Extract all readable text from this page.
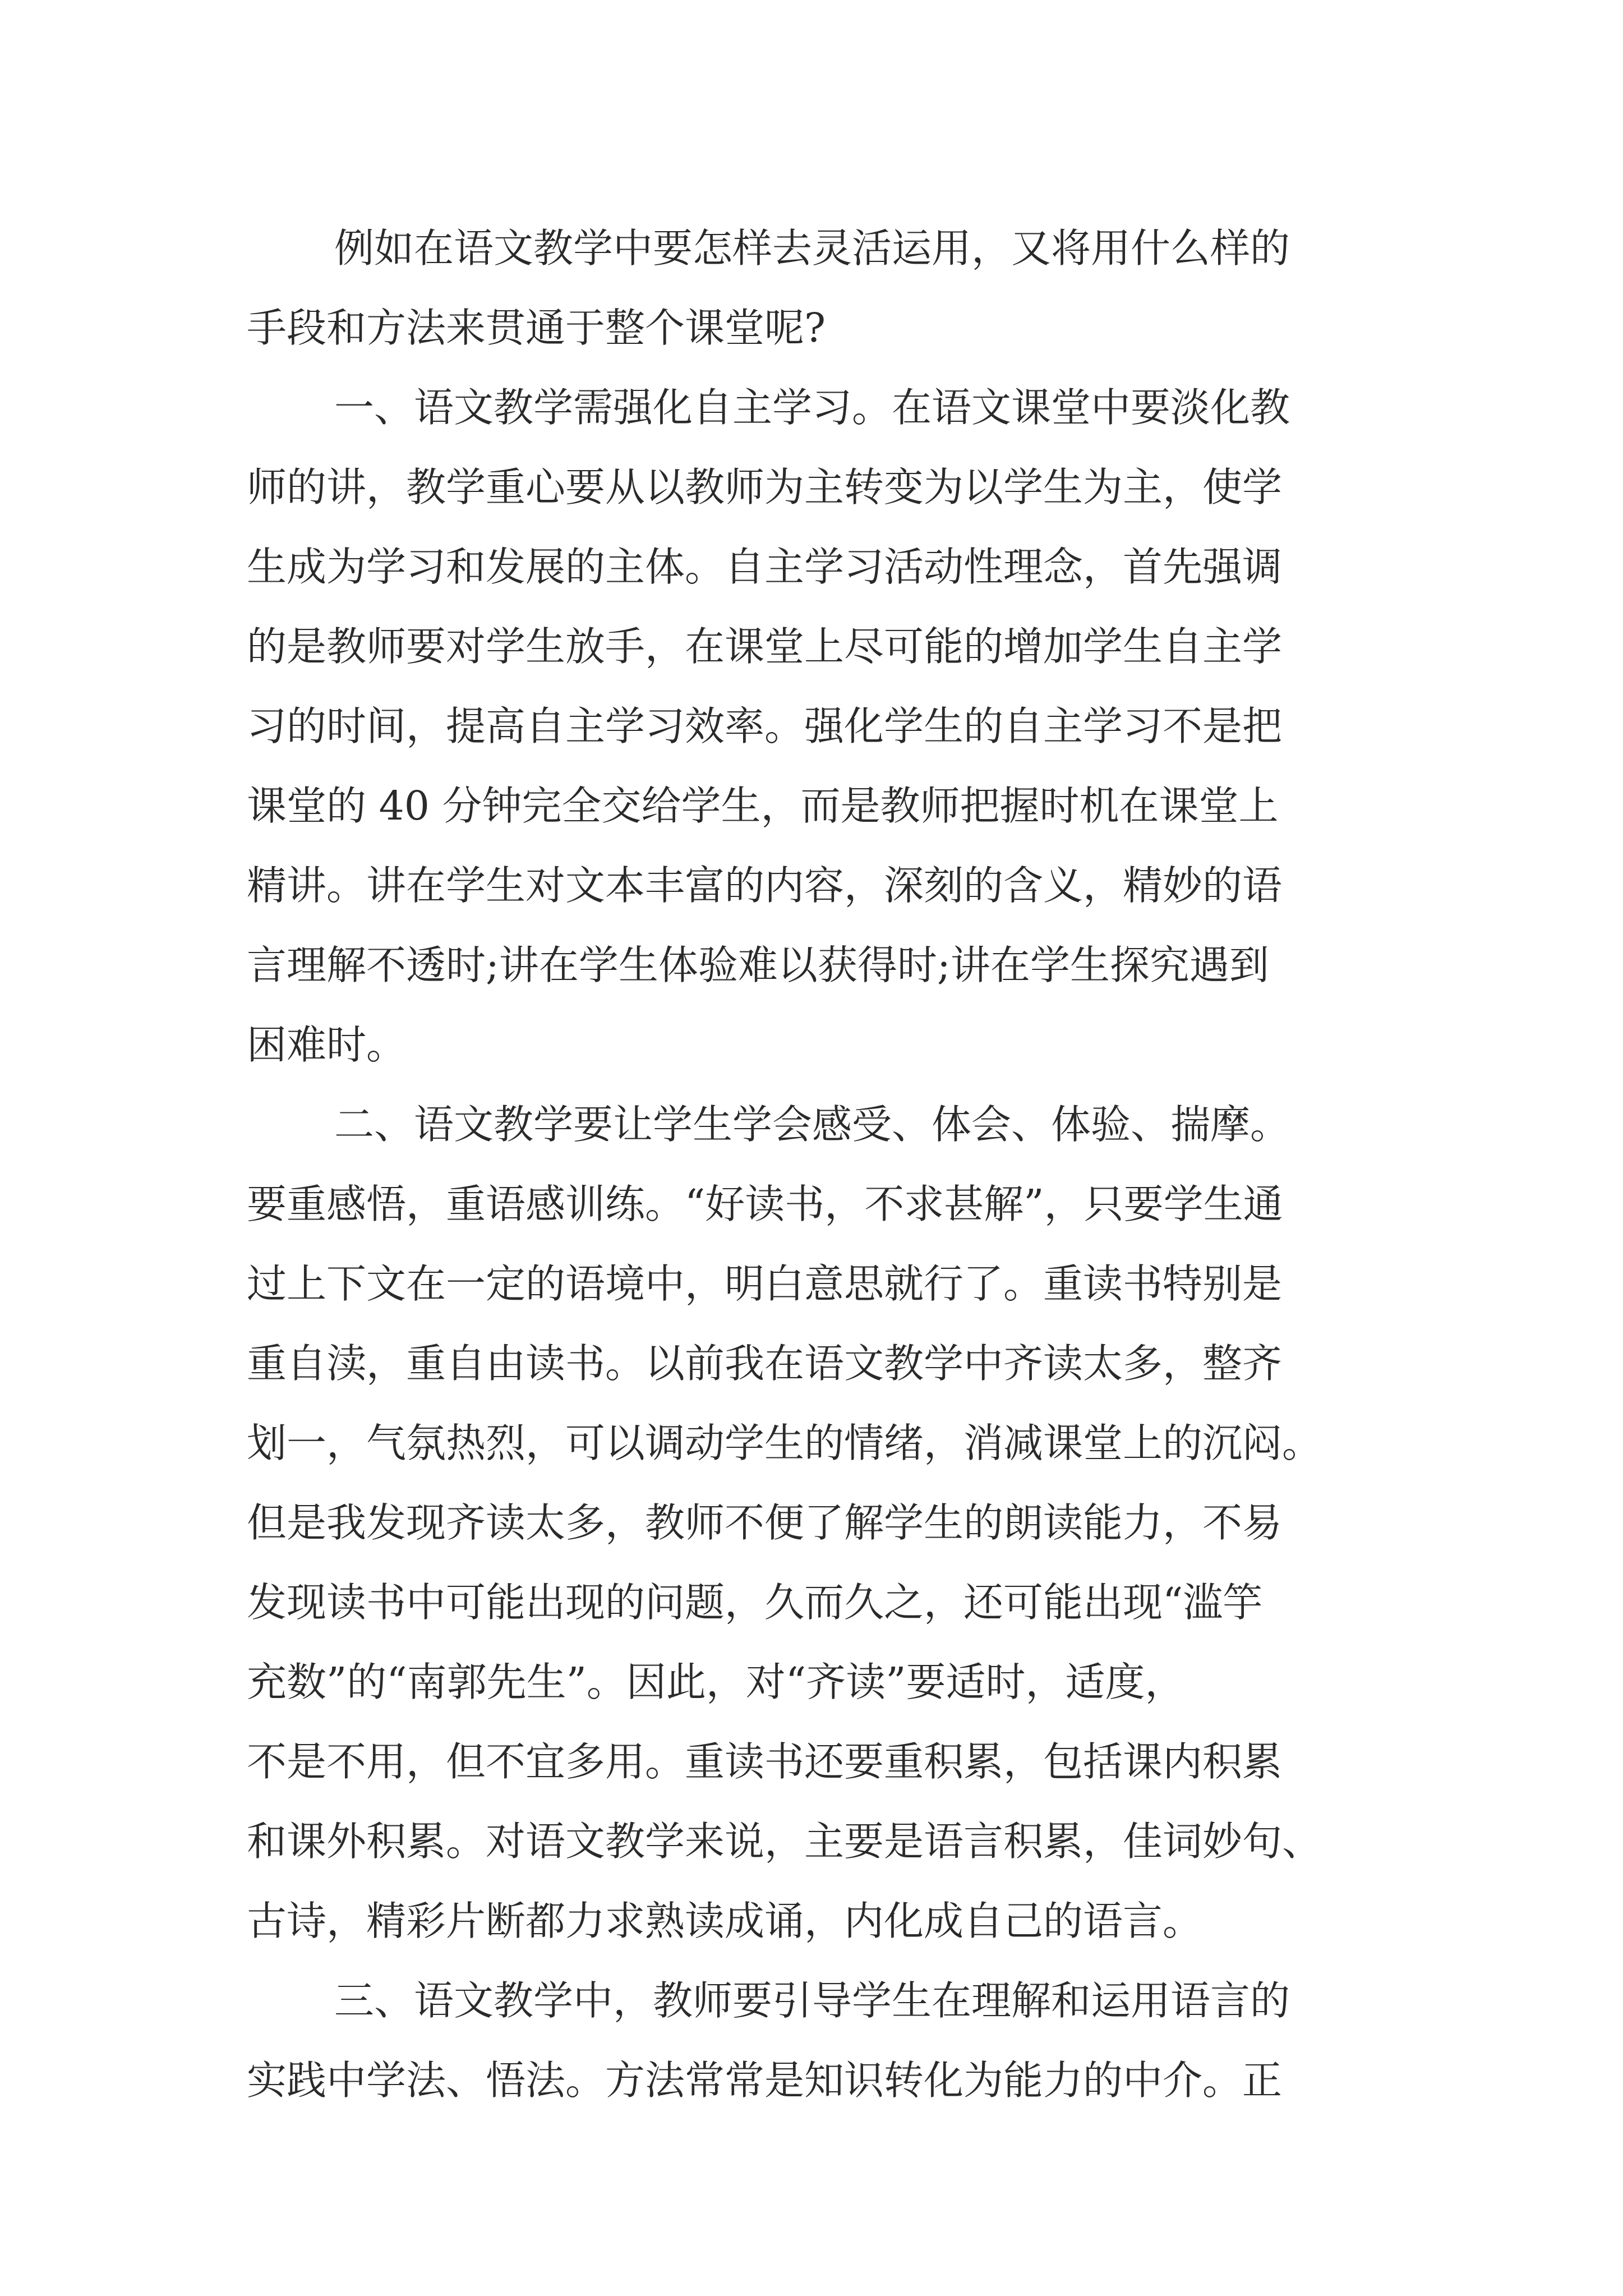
例如在语文教学中要怎样去灵活运用，又将用什么样的
手段和方法来贯通于整个课堂呢?
一、语文教学需强化自主学习。在语文课堂中要淡化教
师的讲，教学重心要从以教师为主转变为以学生为主，使学
生成为学习和发展的主体。自主学习活动性理念，首先强调
的是教师要对学生放手，在课堂上尽可能的增加学生自主学
习的时间，提高自主学习效率。强化学生的自主学习不是把
课堂的 40 分钟完全交给学生，而是教师把握时机在课堂上
精讲。讲在学生对文本丰富的内容，深刻的含义，精妙的语
言理解不透时;讲在学生体验难以获得时;讲在学生探究遇到
困难时。
二、语文教学要让学生学会感受、体会、体验、揣摩。
要重感悟，重语感训练。“好读书，不求甚解”，只要学生通
过上下文在一定的语境中，明白意思就行了。重读书特别是
重自渎，重自由读书。以前我在语文教学中齐读太多，整齐
划一，气氛热烈，可以调动学生的情绪，消减课堂上的沉闷。
但是我发现齐读太多，教师不便了解学生的朗读能力，不易
发现读书中可能出现的问题，久而久之，还可能出现“滥竽
充数”的“南郭先生”。因此，对“齐读”要适时，适度，
不是不用，但不宜多用。重读书还要重积累，包括课内积累
和课外积累。对语文教学来说，主要是语言积累，佳词妙句、
古诗，精彩片断都力求熟读成诵，内化成自己的语言。
三、语文教学中，教师要引导学生在理解和运用语言的
实践中学法、悟法。方法常常是知识转化为能力的中介。正
